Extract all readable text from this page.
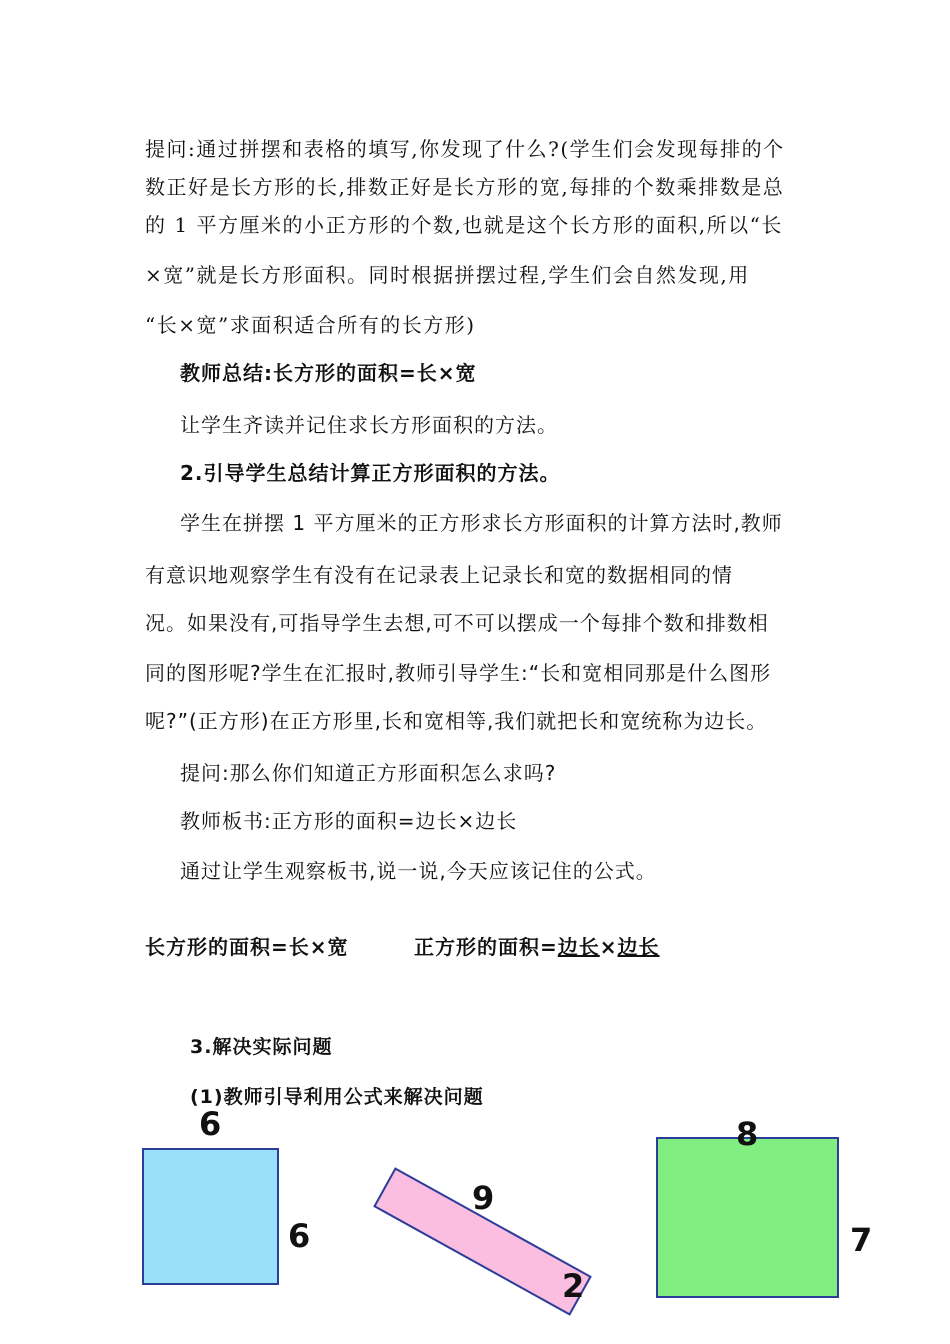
提问:通过拼摆和表格的填写,你发现了什么?(学生们会发现每排的个
数正好是长方形的长,排数正好是长方形的宽,每排的个数乘排数是总
的 1 平方厘米的小正方形的个数,也就是这个长方形的面积,所以“长
×宽”就是长方形面积。同时根据拼摆过程,学生们会自然发现,用
“长×宽”求面积适合所有的长方形)
教师总结:长方形的面积=长×宽
让学生齐读并记住求长方形面积的方法。
2.引导学生总结计算正方形面积的方法。
学生在拼摆 1 平方厘米的正方形求长方形面积的计算方法时,教师
有意识地观察学生有没有在记录表上记录长和宽的数据相同的情
况。如果没有,可指导学生去想,可不可以摆成一个每排个数和排数相
同的图形呢?学生在汇报时,教师引导学生:“长和宽相同那是什么图形
呢?”(正方形)在正方形里,长和宽相等,我们就把长和宽统称为边长。
提问:那么你们知道正方形面积怎么求吗?
教师板书:正方形的面积=边长×边长
通过让学生观察板书,说一说,今天应该记住的公式。
长方形的面积=长×宽	正方形的面积=边长×边长
3.解决实际问题
(1)教师引导利用公式来解决问题
6
6
9
2
8
7
